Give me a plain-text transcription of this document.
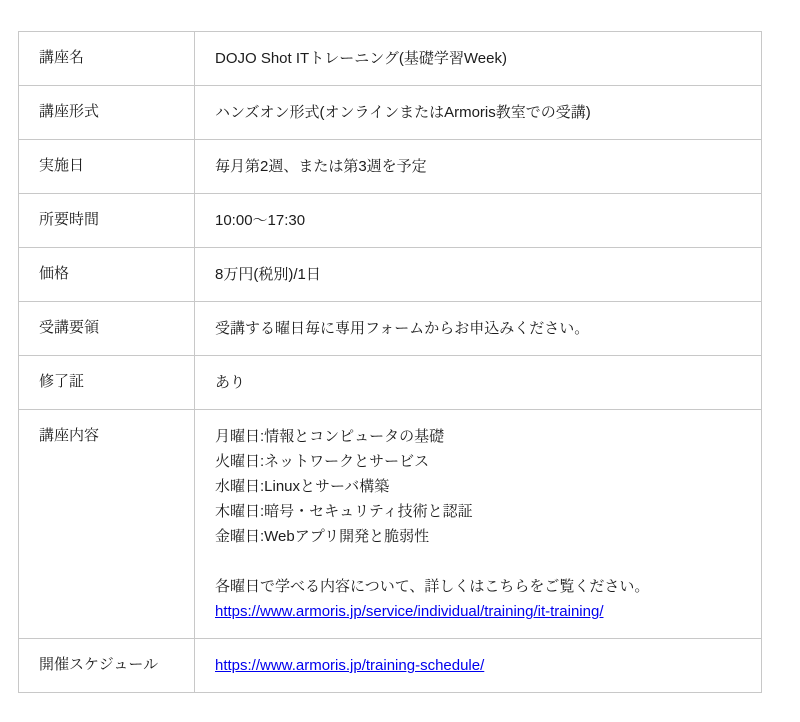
講座名	DOJO Shot ITトレーニング(基礎学習Week)

講座形式	ハンズオン形式(オンラインまたはArmoris教室での受講)

実施日	毎月第2週、または第3週を予定

所要時間	10:00〜17:30

価格	8万円(税別)/1日

受講要領	受講する曜日毎に専用フォームからお申込みください。

修了証	あり

講座内容	月曜日:情報とコンピュータの基礎
火曜日:ネットワークとサービス
水曜日:Linuxとサーバ構築
木曜日:暗号・セキュリティ技術と認証
金曜日:Webアプリ開発と脆弱性
各曜日で学べる内容について、詳しくはこちらをご覧ください。
https://www.armoris.jp/service/individual/training/it-training/

開催スケジュール	https://www.armoris.jp/training-schedule/
